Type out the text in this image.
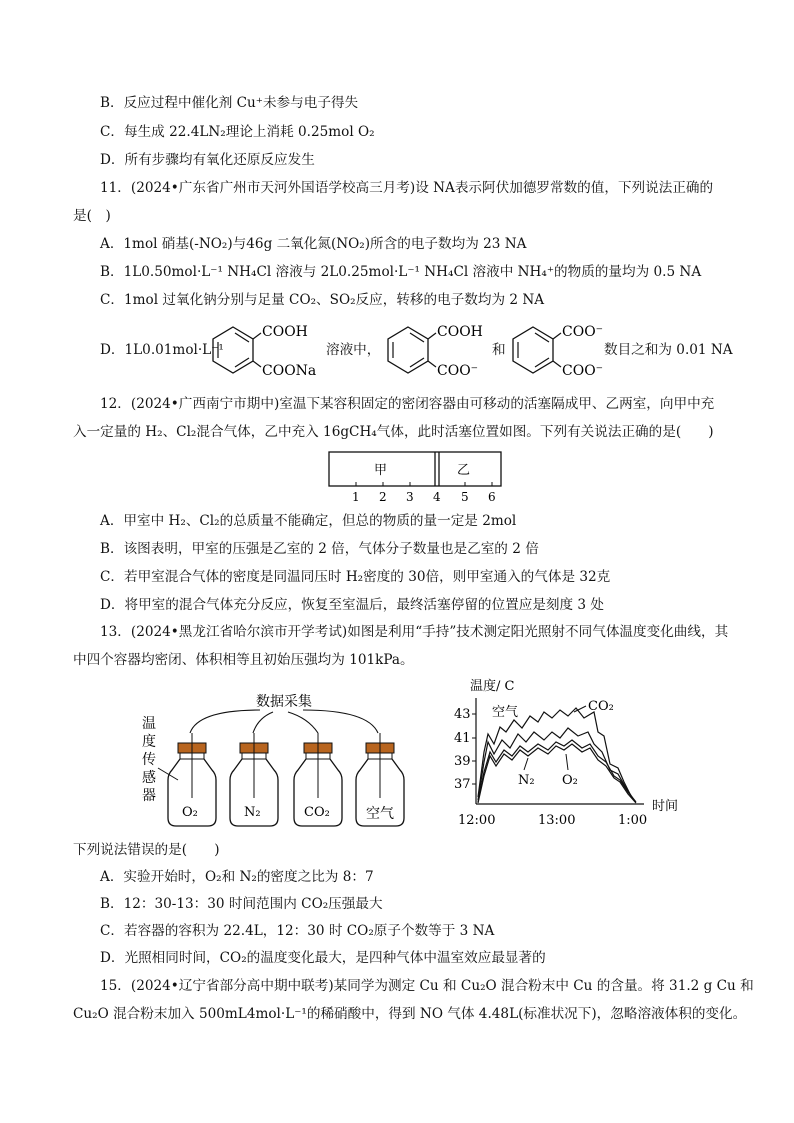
B．反应过程中催化剂 Cu⁺未参与电子得失
C．每生成 22.4LN₂理论上消耗 0.25mol O₂
D．所有步骤均有氧化还原反应发生
11．(2024•广东省广州市天河外国语学校高三月考)设 NA表示阿伏加德罗常数的值，下列说法正确的
是(　)
A．1mol 硝基(-NO₂)与46g 二氧化氮(NO₂)所含的电子数均为 23 NA
B．1L0.50mol·L⁻¹ NH₄Cl 溶液与 2L0.25mol·L⁻¹ NH₄Cl 溶液中 NH₄⁺的物质的量均为 0.5 NA
C．1mol 过氧化钠分别与足量 CO₂、SO₂反应，转移的电子数均为 2 NA
D．1L0.01mol·L⁻¹	溶液中，	和	数目之和为 0.01 NA
COOH
COONa
COOH
COO⁻
COO⁻
COO⁻
12．(2024•广西南宁市期中)室温下某容积固定的密闭容器由可移动的活塞隔成甲、乙两室，向甲中充
入一定量的 H₂、Cl₂混合气体，乙中充入 16gCH₄气体，此时活塞位置如图。下列有关说法正确的是(　　)
甲	乙
1 2 3 4 5 6
A．甲室中 H₂、Cl₂的总质量不能确定，但总的物质的量一定是 2mol
B．该图表明，甲室的压强是乙室的 2 倍，气体分子数量也是乙室的 2 倍
C．若甲室混合气体的密度是同温同压时 H₂密度的 30倍，则甲室通入的气体是 32克
D．将甲室的混合气体充分反应，恢复至室温后，最终活塞停留的位置应是刻度 3 处
13．(2024•黑龙江省哈尔滨市开学考试)如图是利用“手持”技术测定阳光照射不同气体温度变化曲线，其
中四个容器均密闭、体积相等且初始压强均为 101kPa。
数据采集
温
度
传
感
器
O₂	N₂	CO₂	空气
温度/ C
43
41
39
37
12:00	13:00	1:00
时间
空气	CO₂
N₂ O₂
下列说法错误的是(　　)
A．实验开始时，O₂和 N₂的密度之比为 8：7
B．12：30-13：30 时间范围内 CO₂压强最大
C．若容器的容积为 22.4L，12：30 时 CO₂原子个数等于 3 NA
D．光照相同时间，CO₂的温度变化最大，是四种气体中温室效应最显著的
15．(2024•辽宁省部分高中期中联考)某同学为测定 Cu 和 Cu₂O 混合粉末中 Cu 的含量。将 31.2 g Cu 和
Cu₂O 混合粉末加入 500mL4mol·L⁻¹的稀硝酸中，得到 NO 气体 4.48L(标准状况下)，忽略溶液体积的变化。
